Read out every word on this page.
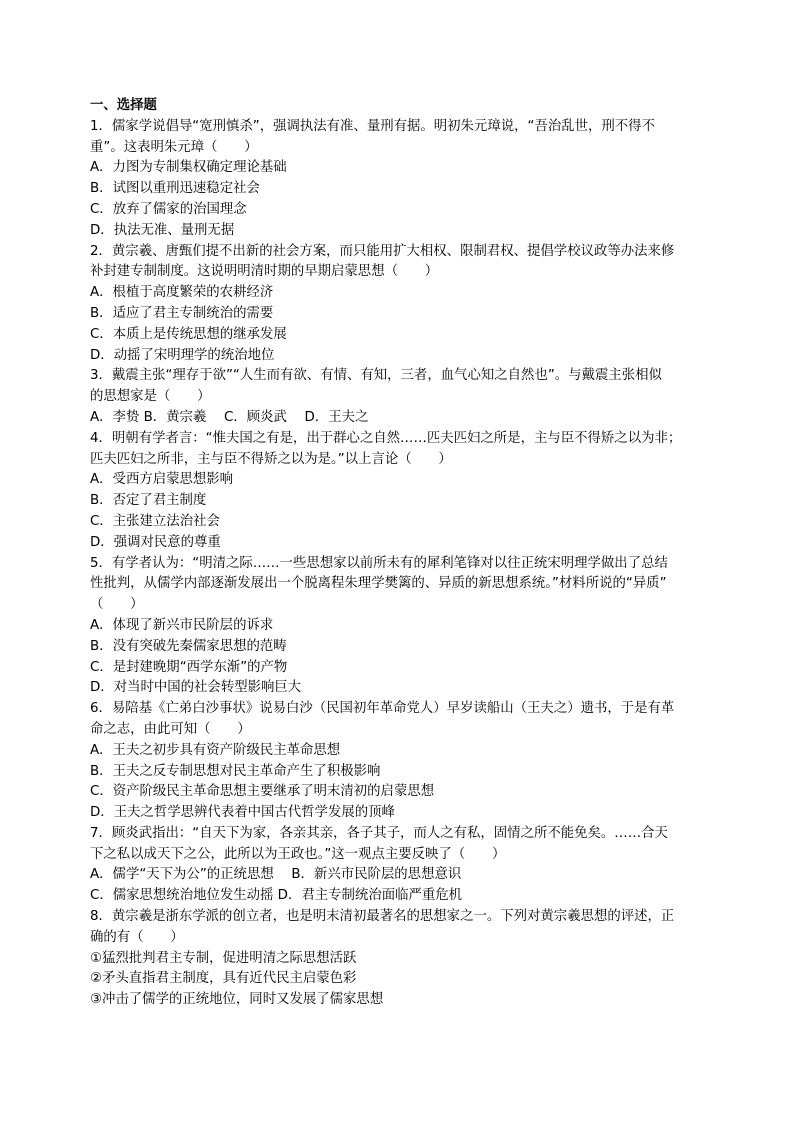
一、选择题
1．儒家学说倡导“宽刑慎杀”，强调执法有准、量刑有据。明初朱元璋说，“吾治乱世，刑不得不
重”。这表明朱元璋（　　）
A．力图为专制集权确定理论基础
B．试图以重刑迅速稳定社会
C．放弃了儒家的治国理念
D．执法无准、量刑无据
2．黄宗羲、唐甄们提不出新的社会方案，而只能用扩大相权、限制君权、提倡学校议政等办法来修
补封建专制制度。这说明明清时期的早期启蒙思想（　　）
A．根植于高度繁荣的农耕经济
B．适应了君主专制统治的需要
C．本质上是传统思想的继承发展
D．动摇了宋明理学的统治地位
3．戴震主张“理存于欲”“人生而有欲、有情、有知，三者，血气心知之自然也”。与戴震主张相似
的思想家是（　　）
A．李贽 B．黄宗羲　 C．顾炎武　 D．王夫之
4．明朝有学者言：“惟夫国之有是，出于群心之自然……匹夫匹妇之所是，主与臣不得矫之以为非；
匹夫匹妇之所非，主与臣不得矫之以为是。”以上言论（　　）
A．受西方启蒙思想影响
B．否定了君主制度
C．主张建立法治社会
D．强调对民意的尊重
5．有学者认为：“明清之际……一些思想家以前所未有的犀利笔锋对以往正统宋明理学做出了总结
性批判，从儒学内部逐渐发展出一个脱离程朱理学樊篱的、异质的新思想系统。”材料所说的“异质”
（　　）
A．体现了新兴市民阶层的诉求
B．没有突破先秦儒家思想的范畴
C．是封建晚期“西学东渐”的产物
D．对当时中国的社会转型影响巨大
6．易陪基《亡弟白沙事状》说易白沙（民国初年革命党人）早岁读船山（王夫之）遗书，于是有革
命之志，由此可知（　　）
A．王夫之初步具有资产阶级民主革命思想
B．王夫之反专制思想对民主革命产生了积极影响
C．资产阶级民主革命思想主要继承了明末清初的启蒙思想
D．王夫之哲学思辨代表着中国古代哲学发展的顶峰
7．顾炎武指出：“自天下为家，各亲其亲，各子其子，而人之有私，固情之所不能免矣。……合天
下之私以成天下之公，此所以为王政也。”这一观点主要反映了（　　）
A．儒学“天下为公”的正统思想　 B．新兴市民阶层的思想意识
C．儒家思想统治地位发生动摇 D．君主专制统治面临严重危机
8．黄宗羲是浙东学派的创立者，也是明末清初最著名的思想家之一。下列对黄宗羲思想的评述，正
确的有（　　）
①猛烈批判君主专制，促进明清之际思想活跃
②矛头直指君主制度，具有近代民主启蒙色彩
③冲击了儒学的正统地位，同时又发展了儒家思想
